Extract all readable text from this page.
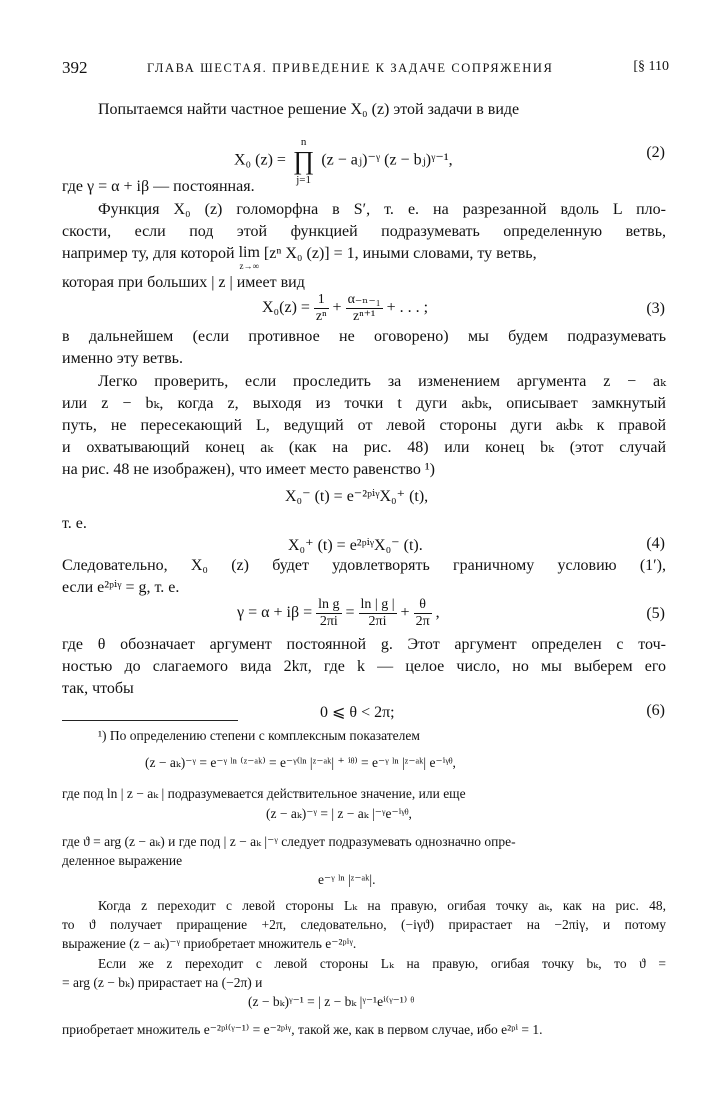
392	ГЛАВА ШЕСТАЯ. ПРИВЕДЕНИЕ К ЗАДАЧЕ СОПРЯЖЕНИЯ	[§ 110
Попытаемся найти частное решение X₀ (z) этой задачи в виде
X₀ (z) = n
∏
j=1 (z − aⱼ)⁻ᵞ (z − bⱼ)ᵞ⁻¹,	(2)
где γ = α + iβ — постоянная.
Функция X₀ (z) голоморфна в S′, т. е. на разрезанной вдоль L пло-
скости, если под этой функцией подразумевать определенную ветвь,
например ту, для которой lim
z→∞
[zⁿ X₀ (z)] = 1, иными словами, ту ветвь,
которая при больших | z | имеет вид
$X_0(z) = \frac{1}{\text{zⁿ}} + \frac{\text{α₋ₙ₋₁}}{\text{zⁿ⁺¹}}$ + . . . ;	(3)
в дальнейшем (если противное не оговорено) мы будем подразумевать
именно эту ветвь.
Легко проверить, если проследить за изменением аргумента z − aₖ
или z − bₖ, когда z, выходя из точки t дуги aₖbₖ, описывает замкнутый
путь, не пересекающий L, ведущий от левой стороны дуги aₖbₖ к правой
и охватывающий конец aₖ (как на рис. 48) или конец bₖ (этот случай
на рис. 48 не изображен), что имеет место равенство ¹)
X₀⁻ (t) = e⁻²ᵖⁱᵞX₀⁺ (t),
т. е.
X₀⁺ (t) = e²ᵖⁱᵞX₀⁻ (t).	(4)
Следовательно, X₀ (z) будет удовлетворять граничному условию (1′),
если e²ᵖⁱᵞ = g, т. е.
$\gamma = \alpha + i\beta = \frac{\text{ln g}}{2\pi i} = \frac{\ln | g |}{2\pi i} + \frac{\theta}{2\pi}$ ,	(5)
где θ обозначает аргумент постоянной g. Этот аргумент определен с точ-
ностью до слагаемого вида 2kπ, где k — целое число, но мы выберем его
так, чтобы
0 ⩽ θ < 2π;	(6)
¹) По определению степени с комплексным показателем
(z − aₖ)⁻ᵞ = e⁻ᵞ ˡⁿ ⁽ᶻ⁻ᵃᵏ⁾ = e⁻ᵞ⁽ˡⁿ |ᶻ⁻ᵃᵏ| ⁺ ⁱᶿ⁾ = e⁻ᵞ ˡⁿ |ᶻ⁻ᵃᵏ| e⁻ⁱᵞᶿ,
где под ln | z − aₖ | подразумевается действительное значение, или еще
(z − aₖ)⁻ᵞ = | z − aₖ |⁻ᵞe⁻ⁱᵞᶿ,
где ϑ = arg (z − aₖ) и где под | z − aₖ |⁻ᵞ следует подразумевать однозначно опре-
деленное выражение
e⁻ᵞ ˡⁿ |ᶻ⁻ᵃᵏ|.
Когда z переходит с левой стороны Lₖ на правую, огибая точку aₖ, как на рис. 48,
то ϑ получает приращение +2π, следовательно, (−iγϑ) прирастает на −2πiγ, и потому
выражение (z − aₖ)⁻ᵞ приобретает множитель e⁻²ᵖⁱᵞ.
Если же z переходит с левой стороны Lₖ на правую, огибая точку bₖ, то ϑ =
= arg (z − bₖ) прирастает на (−2π) и
(z − bₖ)ᵞ⁻¹ = | z − bₖ |ᵞ⁻¹eⁱ⁽ᵞ⁻¹⁾ ᶿ
приобретает множитель e⁻²ᵖⁱ⁽ᵞ⁻¹⁾ = e⁻²ᵖⁱᵞ, такой же, как в первом случае, ибо e²ᵖⁱ = 1.
